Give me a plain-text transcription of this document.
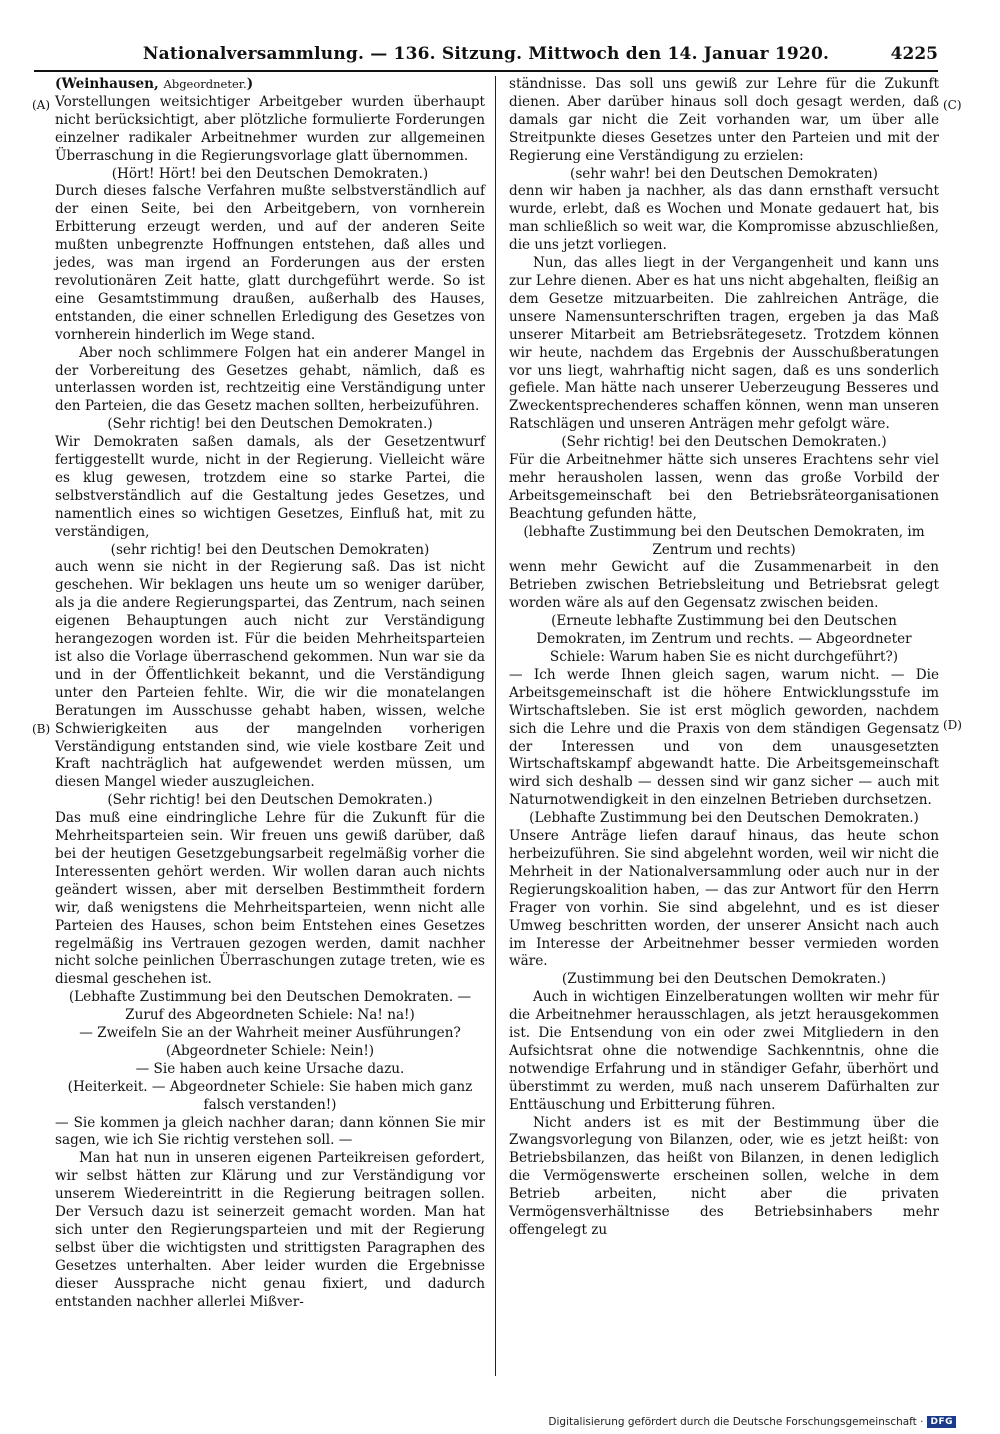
Nationalversammlung. — 136. Sitzung. Mittwoch den 14. Januar 1920.	4225
(A)
(B)
(C)
(D)

(Weinhausen, Abgeordneter.)

Vorstellungen weitsichtiger Arbeitgeber wurden überhaupt nicht berücksichtigt, aber plötzliche formulierte Forderungen einzelner radikaler Arbeitnehmer wurden zur allgemeinen Überraschung in die Regierungsvorlage glatt übernommen.

(Hört! Hört! bei den Deutschen Demokraten.)

Durch dieses falsche Verfahren mußte selbstverständlich auf der einen Seite, bei den Arbeitgebern, von vornherein Erbitterung erzeugt werden, und auf der anderen Seite mußten unbegrenzte Hoffnungen entstehen, daß alles und jedes, was man irgend an Forderungen aus der ersten revolutionären Zeit hatte, glatt durchgeführt werde. So ist eine Gesamtstimmung draußen, außerhalb des Hauses, entstanden, die einer schnellen Erledigung des Gesetzes von vornherein hinderlich im Wege stand.

Aber noch schlimmere Folgen hat ein anderer Mangel in der Vorbereitung des Gesetzes gehabt, nämlich, daß es unterlassen worden ist, rechtzeitig eine Verständigung unter den Parteien, die das Gesetz machen sollten, herbeizuführen.

(Sehr richtig! bei den Deutschen Demokraten.)

Wir Demokraten saßen damals, als der Gesetzentwurf fertiggestellt wurde, nicht in der Regierung. Vielleicht wäre es klug gewesen, trotzdem eine so starke Partei, die selbstverständlich auf die Gestaltung jedes Gesetzes, und namentlich eines so wichtigen Gesetzes, Einfluß hat, mit zu verständigen,

(sehr richtig! bei den Deutschen Demokraten)

auch wenn sie nicht in der Regierung saß. Das ist nicht geschehen. Wir beklagen uns heute um so weniger darüber, als ja die andere Regierungspartei, das Zentrum, nach seinen eigenen Behauptungen auch nicht zur Verständigung herangezogen worden ist. Für die beiden Mehrheitsparteien ist also die Vorlage überraschend gekommen. Nun war sie da und in der Öffentlichkeit bekannt, und die Verständigung unter den Parteien fehlte. Wir, die wir die monatelangen Beratungen im Ausschusse gehabt haben, wissen, welche Schwierigkeiten aus der mangelnden vorherigen Verständigung entstanden sind, wie viele kostbare Zeit und Kraft nachträglich hat aufgewendet werden müssen, um diesen Mangel wieder auszugleichen.

(Sehr richtig! bei den Deutschen Demokraten.)

Das muß eine eindringliche Lehre für die Zukunft für die Mehrheitsparteien sein. Wir freuen uns gewiß darüber, daß bei der heutigen Gesetzgebungsarbeit regelmäßig vorher die Interessenten gehört werden. Wir wollen daran auch nichts geändert wissen, aber mit derselben Bestimmtheit fordern wir, daß wenigstens die Mehrheitsparteien, wenn nicht alle Parteien des Hauses, schon beim Entstehen eines Gesetzes regelmäßig ins Vertrauen gezogen werden, damit nachher nicht solche peinlichen Überraschungen zutage treten, wie es diesmal geschehen ist.

(Lebhafte Zustimmung bei den Deutschen Demokraten. — Zuruf des Abgeordneten Schiele: Na! na!)

— Zweifeln Sie an der Wahrheit meiner Ausführungen?

(Abgeordneter Schiele: Nein!)

— Sie haben auch keine Ursache dazu.

(Heiterkeit. — Abgeordneter Schiele: Sie haben mich ganz falsch verstanden!)

— Sie kommen ja gleich nachher daran; dann können Sie mir sagen, wie ich Sie richtig verstehen soll. —

Man hat nun in unseren eigenen Parteikreisen gefordert, wir selbst hätten zur Klärung und zur Verständigung vor unserem Wiedereintritt in die Regierung beitragen sollen. Der Versuch dazu ist seinerzeit gemacht worden. Man hat sich unter den Regierungsparteien und mit der Regierung selbst über die wichtigsten und strittigsten Paragraphen des Gesetzes unterhalten. Aber leider wurden die Ergebnisse dieser Aussprache nicht genau fixiert, und dadurch entstanden nachher allerlei Mißver-

ständnisse. Das soll uns gewiß zur Lehre für die Zukunft dienen. Aber darüber hinaus soll doch gesagt werden, daß damals gar nicht die Zeit vorhanden war, um über alle Streitpunkte dieses Gesetzes unter den Parteien und mit der Regierung eine Verständigung zu erzielen:

(sehr wahr! bei den Deutschen Demokraten)

denn wir haben ja nachher, als das dann ernsthaft versucht wurde, erlebt, daß es Wochen und Monate gedauert hat, bis man schließlich so weit war, die Kompromisse abzuschließen, die uns jetzt vorliegen.

Nun, das alles liegt in der Vergangenheit und kann uns zur Lehre dienen. Aber es hat uns nicht abgehalten, fleißig an dem Gesetze mitzuarbeiten. Die zahlreichen Anträge, die unsere Namensunterschriften tragen, ergeben ja das Maß unserer Mitarbeit am Betriebsrätegesetz. Trotzdem können wir heute, nachdem das Ergebnis der Ausschußberatungen vor uns liegt, wahrhaftig nicht sagen, daß es uns sonderlich gefiele. Man hätte nach unserer Ueberzeugung Besseres und Zweckentsprechenderes schaffen können, wenn man unseren Ratschlägen und unseren Anträgen mehr gefolgt wäre.

(Sehr richtig! bei den Deutschen Demokraten.)

Für die Arbeitnehmer hätte sich unseres Erachtens sehr viel mehr herausholen lassen, wenn das große Vorbild der Arbeitsgemeinschaft bei den Betriebsräteorganisationen Beachtung gefunden hätte,

(lebhafte Zustimmung bei den Deutschen Demokraten, im Zentrum und rechts)

wenn mehr Gewicht auf die Zusammenarbeit in den Betrieben zwischen Betriebsleitung und Betriebsrat gelegt worden wäre als auf den Gegensatz zwischen beiden.

(Erneute lebhafte Zustimmung bei den Deutschen Demokraten, im Zentrum und rechts. — Abgeordneter Schiele: Warum haben Sie es nicht durchgeführt?)

— Ich werde Ihnen gleich sagen, warum nicht. — Die Arbeitsgemeinschaft ist die höhere Entwicklungsstufe im Wirtschaftsleben. Sie ist erst möglich geworden, nachdem sich die Lehre und die Praxis von dem ständigen Gegensatz der Interessen und von dem unausgesetzten Wirtschaftskampf abgewandt hatte. Die Arbeitsgemeinschaft wird sich deshalb — dessen sind wir ganz sicher — auch mit Naturnotwendigkeit in den einzelnen Betrieben durchsetzen.

(Lebhafte Zustimmung bei den Deutschen Demokraten.)

Unsere Anträge liefen darauf hinaus, das heute schon herbeizuführen. Sie sind abgelehnt worden, weil wir nicht die Mehrheit in der Nationalversammlung oder auch nur in der Regierungskoalition haben, — das zur Antwort für den Herrn Frager von vorhin. Sie sind abgelehnt, und es ist dieser Umweg beschritten worden, der unserer Ansicht nach auch im Interesse der Arbeitnehmer besser vermieden worden wäre.

(Zustimmung bei den Deutschen Demokraten.)

Auch in wichtigen Einzelberatungen wollten wir mehr für die Arbeitnehmer herausschlagen, als jetzt herausgekommen ist. Die Entsendung von ein oder zwei Mitgliedern in den Aufsichtsrat ohne die notwendige Sachkenntnis, ohne die notwendige Erfahrung und in ständiger Gefahr, überhört und überstimmt zu werden, muß nach unserem Dafürhalten zur Enttäuschung und Erbitterung führen.

Nicht anders ist es mit der Bestimmung über die Zwangsvorlegung von Bilanzen, oder, wie es jetzt heißt: von Betriebsbilanzen, das heißt von Bilanzen, in denen lediglich die Vermögenswerte erscheinen sollen, welche in dem Betrieb arbeiten, nicht aber die privaten Vermögensverhältnisse des Betriebsinhabers mehr offengelegt zu

Digitalisierung gefördert durch die Deutsche Forschungsgemeinschaft · DFG
